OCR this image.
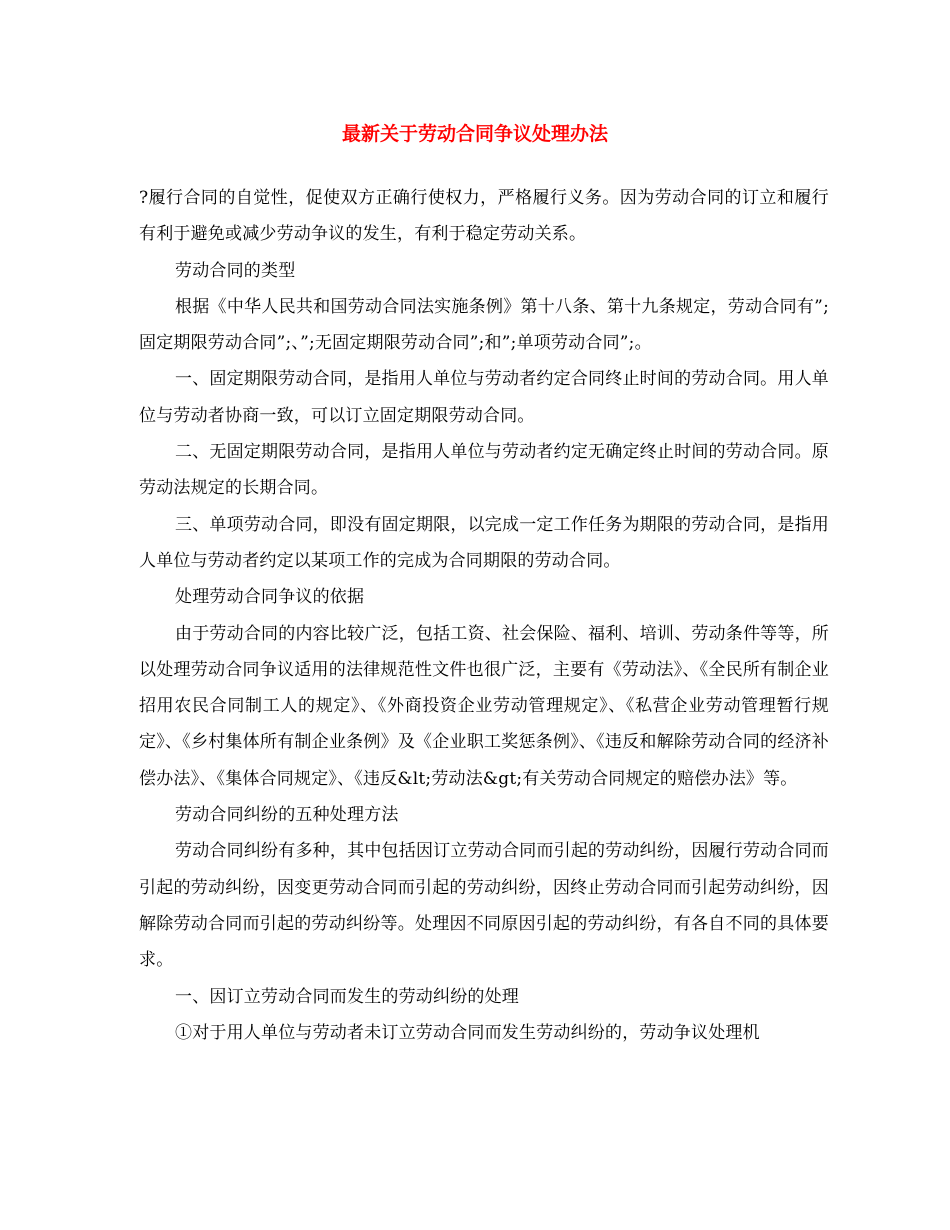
最新关于劳动合同争议处理办法

?履行合同的自觉性，促使双方正确行使权力，严格履行义务。因为劳动合同的订立和履行有利于避免或减少劳动争议的发生，有利于稳定劳动关系。

劳动合同的类型

根据《中华人民共和国劳动合同法实施条例》第十八条、第十九条规定，劳动合同有”;固定期限劳动合同”;、”;无固定期限劳动合同”;和”;单项劳动合同”;。

一、固定期限劳动合同，是指用人单位与劳动者约定合同终止时间的劳动合同。用人单位与劳动者协商一致，可以订立固定期限劳动合同。

二、无固定期限劳动合同，是指用人单位与劳动者约定无确定终止时间的劳动合同。原劳动法规定的长期合同。

三、单项劳动合同，即没有固定期限，以完成一定工作任务为期限的劳动合同，是指用人单位与劳动者约定以某项工作的完成为合同期限的劳动合同。

处理劳动合同争议的依据

由于劳动合同的内容比较广泛，包括工资、社会保险、福利、培训、劳动条件等等，所以处理劳动合同争议适用的法律规范性文件也很广泛，主要有《劳动法》、《全民所有制企业招用农民合同制工人的规定》、《外商投资企业劳动管理规定》、《私营企业劳动管理暂行规定》、《乡村集体所有制企业条例》及《企业职工奖惩条例》、《违反和解除劳动合同的经济补偿办法》、《集体合同规定》、《违反&lt;劳动法&gt;有关劳动合同规定的赔偿办法》等。

劳动合同纠纷的五种处理方法

劳动合同纠纷有多种，其中包括因订立劳动合同而引起的劳动纠纷，因履行劳动合同而引起的劳动纠纷，因变更劳动合同而引起的劳动纠纷，因终止劳动合同而引起劳动纠纷，因解除劳动合同而引起的劳动纠纷等。处理因不同原因引起的劳动纠纷，有各自不同的具体要求。

一、因订立劳动合同而发生的劳动纠纷的处理

①对于用人单位与劳动者未订立劳动合同而发生劳动纠纷的，劳动争议处理机
